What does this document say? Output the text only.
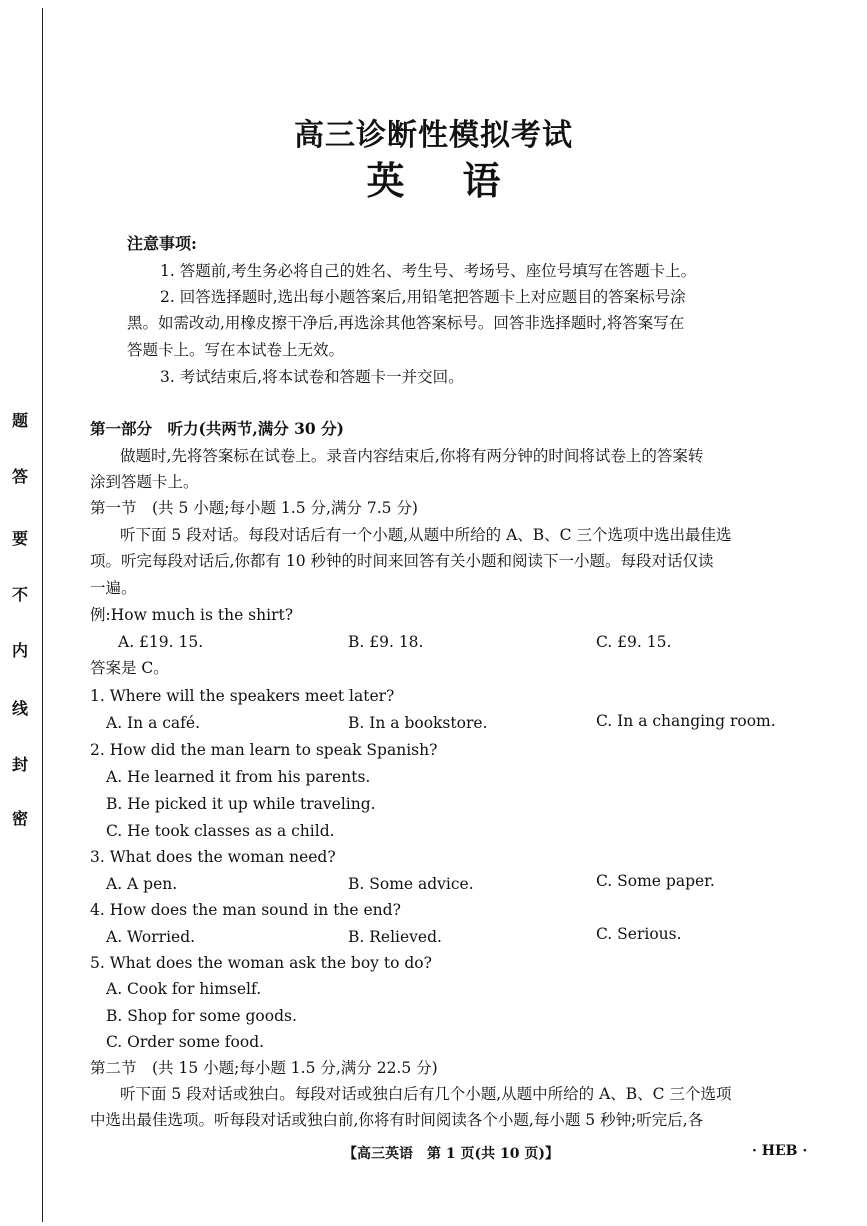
题
答
要
不
内
线
封
密
高三诊断性模拟考试
英语
注意事项:
1. 答题前,考生务必将自己的姓名、考生号、考场号、座位号填写在答题卡上。
2. 回答选择题时,选出每小题答案后,用铅笔把答题卡上对应题目的答案标号涂
黑。如需改动,用橡皮擦干净后,再选涂其他答案标号。回答非选择题时,将答案写在
答题卡上。写在本试卷上无效。
3. 考试结束后,将本试卷和答题卡一并交回。
第一部分　听力(共两节,满分 30 分)
做题时,先将答案标在试卷上。录音内容结束后,你将有两分钟的时间将试卷上的答案转
涂到答题卡上。
第一节　(共 5 小题;每小题 1.5 分,满分 7.5 分)
听下面 5 段对话。每段对话后有一个小题,从题中所给的 A、B、C 三个选项中选出最佳选
项。听完每段对话后,你都有 10 秒钟的时间来回答有关小题和阅读下一小题。每段对话仅读
一遍。
例:How much is the shirt?
A. £19. 15.	B. £9. 18.	C. £9. 15.
答案是 C。
1. Where will the speakers meet later?
A. In a café.	B. In a bookstore.	C. In a changing room.
2. How did the man learn to speak Spanish?
A. He learned it from his parents.
B. He picked it up while traveling.
C. He took classes as a child.
3. What does the woman need?
A. A pen.	B. Some advice.	C. Some paper.
4. How does the man sound in the end?
A. Worried.	B. Relieved.	C. Serious.
5. What does the woman ask the boy to do?
A. Cook for himself.
B. Shop for some goods.
C. Order some food.
第二节　(共 15 小题;每小题 1.5 分,满分 22.5 分)
听下面 5 段对话或独白。每段对话或独白后有几个小题,从题中所给的 A、B、C 三个选项
中选出最佳选项。听每段对话或独白前,你将有时间阅读各个小题,每小题 5 秒钟;听完后,各
【高三英语　第 1 页(共 10 页)】	· HEB ·
